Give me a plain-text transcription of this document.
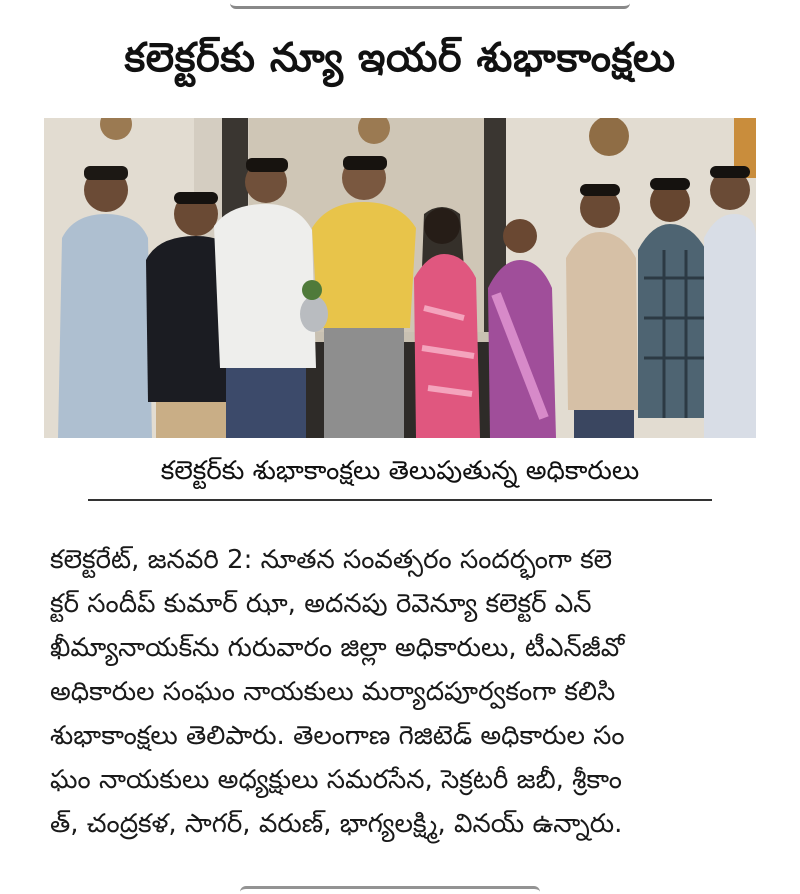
కలెక్టర్‌కు న్యూ ఇయర్ శుభాకాంక్షలు
కలెక్టర్‌కు శుభాకాంక్షలు తెలుపుతున్న అధికారులు
కలెక్టరేట్, జనవరి 2: నూతన సంవత్సరం సందర్భంగా కలె
క్టర్ సందీప్ కుమార్ ఝా, అదనపు రెవెన్యూ కలెక్టర్ ఎన్
ఖీమ్యానాయక్‌ను గురువారం జిల్లా అధికారులు, టీఎన్‌జీవో
అధికారుల సంఘం నాయకులు మర్యాదపూర్వకంగా కలిసి
శుభాకాంక్షలు తెలిపారు. తెలంగాణ గెజిటెడ్ అధికారుల సం
ఘం నాయకులు అధ్యక్షులు సమరసేన, సెక్రటరీ జబీ, శ్రీకాం
త్, చంద్రకళ, సాగర్, వరుణ్, భాగ్యలక్ష్మి, వినయ్ ఉన్నారు.
